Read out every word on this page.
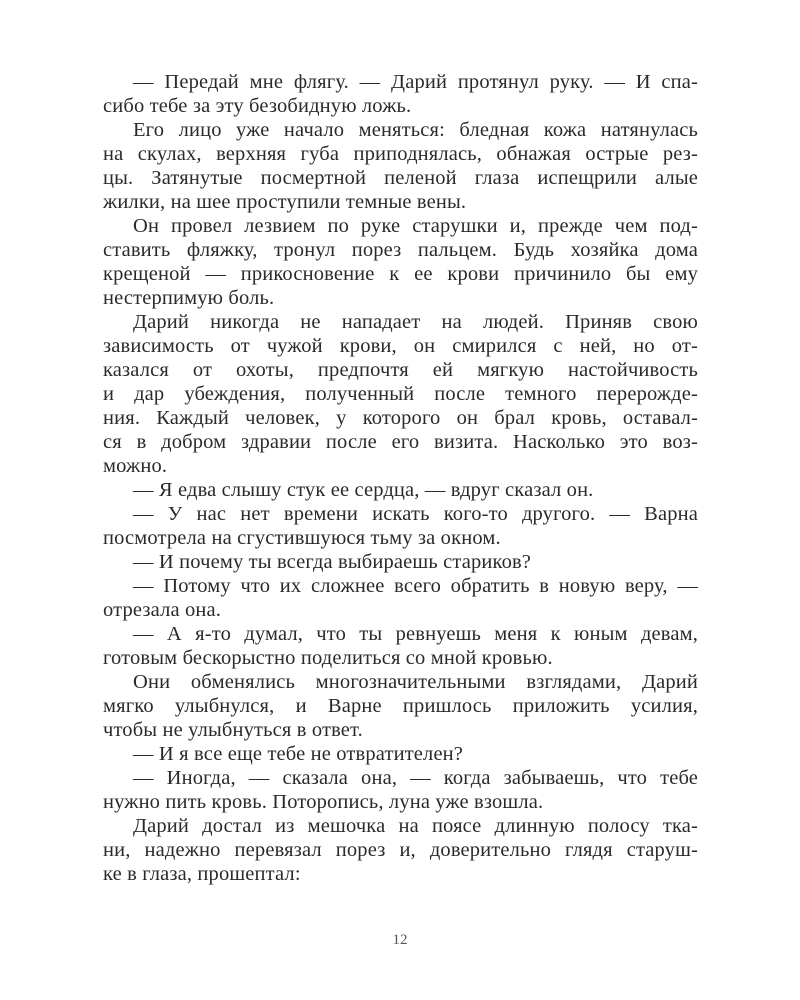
— Передай мне флягу. — Дарий протянул руку. — И спа-
сибо тебе за эту безобидную ложь.
Его лицо уже начало меняться: бледная кожа натянулась
на скулах, верхняя губа приподнялась, обнажая острые рез-
цы. Затянутые посмертной пеленой глаза испещрили алые
жилки, на шее проступили темные вены.
Он провел лезвием по руке старушки и, прежде чем под-
ставить фляжку, тронул порез пальцем. Будь хозяйка дома
крещеной — прикосновение к ее крови причинило бы ему
нестерпимую боль.
Дарий никогда не нападает на людей. Приняв свою
зависимость от чужой крови, он смирился с ней, но от-
казался от охоты, предпочтя ей мягкую настойчивость
и дар убеждения, полученный после темного перерожде-
ния. Каждый человек, у которого он брал кровь, оставал-
ся в добром здравии после его визита. Насколько это воз-
можно.
— Я едва слышу стук ее сердца, — вдруг сказал он.
— У нас нет времени искать кого-то другого. — Варна
посмотрела на сгустившуюся тьму за окном.
— И почему ты всегда выбираешь стариков?
— Потому что их сложнее всего обратить в новую веру, —
отрезала она.
— А я-то думал, что ты ревнуешь меня к юным девам,
готовым бескорыстно поделиться со мной кровью.
Они обменялись многозначительными взглядами, Дарий
мягко улыбнулся, и Варне пришлось приложить усилия,
чтобы не улыбнуться в ответ.
— И я все еще тебе не отвратителен?
— Иногда, — сказала она, — когда забываешь, что тебе
нужно пить кровь. Поторопись, луна уже взошла.
Дарий достал из мешочка на поясе длинную полосу тка-
ни, надежно перевязал порез и, доверительно глядя старуш-
ке в глаза, прошептал:
12
